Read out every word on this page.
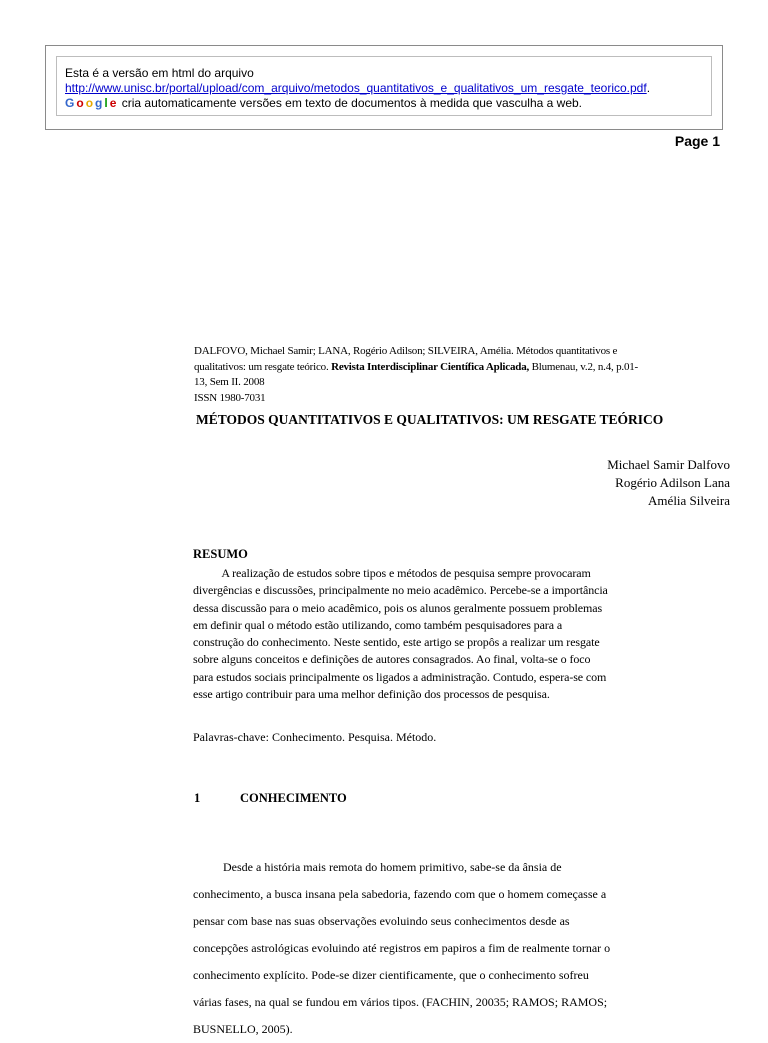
Esta é a versão em html do arquivo
http://www.unisc.br/portal/upload/com_arquivo/metodos_quantitativos_e_qualitativos_um_resgate_teorico.pdf.
Google cria automaticamente versões em texto de documentos à medida que vasculha a web.
Page 1
DALFOVO, Michael Samir; LANA, Rogério Adilson; SILVEIRA, Amélia. Métodos quantitativos e
qualitativos: um resgate teórico. Revista Interdisciplinar Científica Aplicada, Blumenau, v.2, n.4, p.01-
13, Sem II. 2008
ISSN 1980-7031
MÉTODOS QUANTITATIVOS E QUALITATIVOS: UM RESGATE TEÓRICO
Michael Samir Dalfovo
Rogério Adilson Lana
Amélia Silveira
RESUMO
A realização de estudos sobre tipos e métodos de pesquisa sempre provocaram
divergências e discussões, principalmente no meio acadêmico. Percebe-se a importância
dessa discussão para o meio acadêmico, pois os alunos geralmente possuem problemas
em definir qual o método estão utilizando, como também pesquisadores para a
construção do conhecimento. Neste sentido, este artigo se propôs a realizar um resgate
sobre alguns conceitos e definições de autores consagrados. Ao final, volta-se o foco
para estudos sociais principalmente os ligados a administração. Contudo, espera-se com
esse artigo contribuir para uma melhor definição dos processos de pesquisa.
Palavras-chave: Conhecimento. Pesquisa. Método.
1	CONHECIMENTO
Desde a história mais remota do homem primitivo, sabe-se da ânsia de
conhecimento, a busca insana pela sabedoria, fazendo com que o homem começasse a
pensar com base nas suas observações evoluindo seus conhecimentos desde as
concepções astrológicas evoluindo até registros em papiros a fim de realmente tornar o
conhecimento explícito. Pode-se dizer cientificamente, que o conhecimento sofreu
várias fases, na qual se fundou em vários tipos. (FACHIN, 20035; RAMOS; RAMOS;
BUSNELLO, 2005).
